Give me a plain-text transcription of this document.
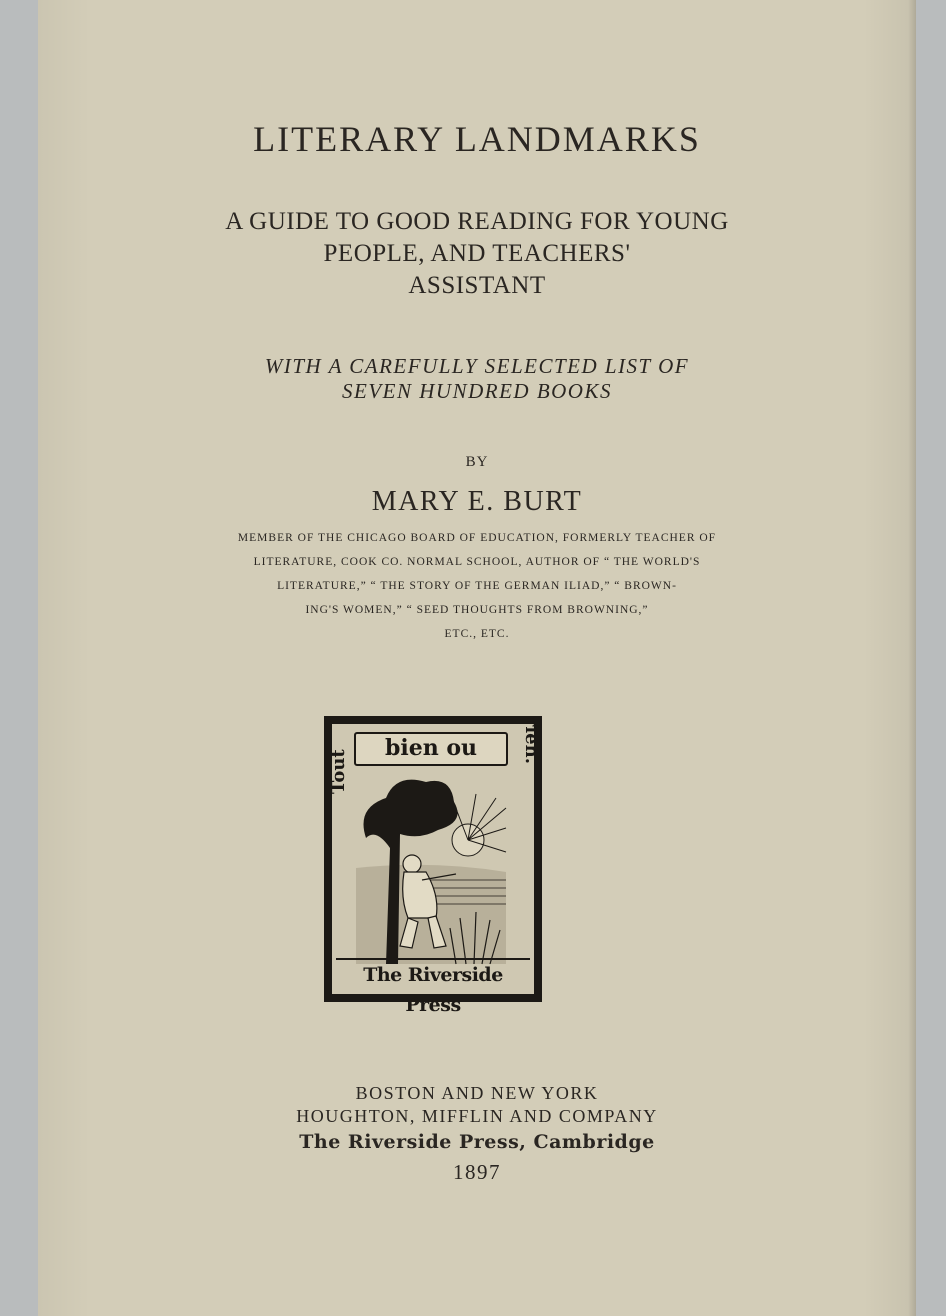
LITERARY LANDMARKS
A GUIDE TO GOOD READING FOR YOUNG
PEOPLE, AND TEACHERS'
ASSISTANT
WITH A CAREFULLY SELECTED LIST OF
SEVEN HUNDRED BOOKS
BY
MARY E. BURT
MEMBER OF THE CHICAGO BOARD OF EDUCATION, FORMERLY TEACHER OF
LITERATURE, COOK CO. NORMAL SCHOOL, AUTHOR OF “ THE WORLD'S
LITERATURE,” “ THE STORY OF THE GERMAN ILIAD,” “ BROWN-
ING'S WOMEN,” “ SEED THOUGHTS FROM BROWNING,”
ETC., ETC.
bien ou
Tout
rien.
The Riverside Press
BOSTON AND NEW YORK
HOUGHTON, MIFFLIN AND COMPANY
The Riverside Press, Cambridge
1897
